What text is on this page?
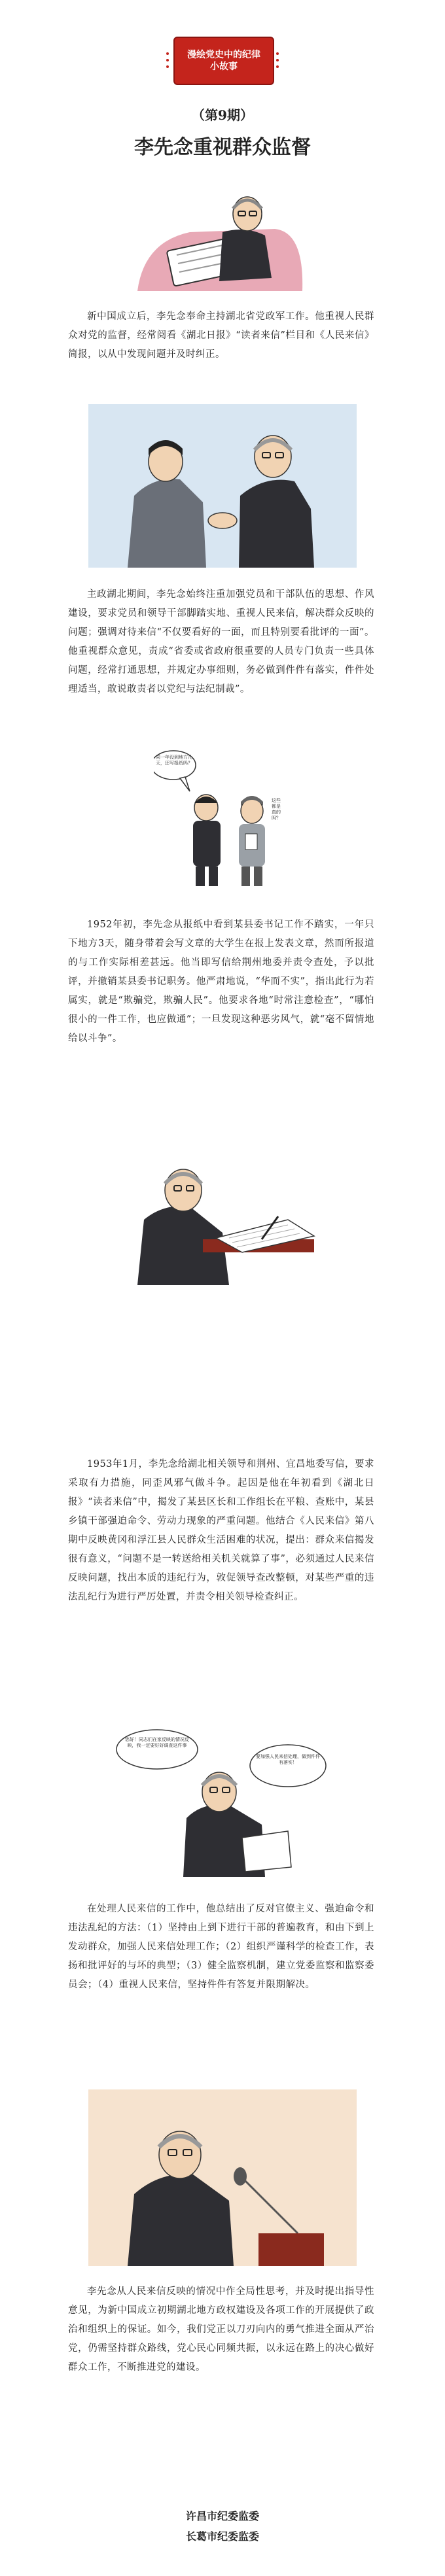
漫绘党史中的纪律小故事
（第9期）
李先念重视群众监督
新中国成立后，李先念奉命主持湖北省党政军工作。他重视人民群众对党的监督，经常阅看《湖北日报》“读者来信”栏目和《人民来信》简报，以从中发现问题并及时纠正。
主政湖北期间，李先念始终注重加强党员和干部队伍的思想、作风建设，要求党员和领导干部脚踏实地、重视人民来信，解决群众反映的问题；强调对待来信“不仅要看好的一面，而且特别要看批评的一面”。他重视群众意见，责成“省委或省政府很重要的人员专门负责一些具体问题，经常打通思想，并规定办事细则，务必做到件件有落实，件件处理适当，敢说敢责者以党纪与法纪制裁”。
同一年没到地方几天，还写报纸吗？
这些都是真的吗？
1952年初，李先念从报纸中看到某县委书记工作不踏实，一年只下地方3天，随身带着会写文章的大学生在报上发表文章，然而所报道的与工作实际相差甚远。他当即写信给荆州地委并责令查处，予以批评，并撤销某县委书记职务。他严肃地说，“华而不实”，指出此行为若属实，就是“欺骗党，欺骗人民”。他要求各地“时常注意检查”，“哪怕很小的一件工作，也应做通”；一旦发现这种恶劣风气，就“毫不留情地给以斗争”。
1953年1月，李先念给湖北相关领导和荆州、宜昌地委写信，要求采取有力措施，同歪风邪气做斗争。起因是他在年初看到《湖北日报》“读者来信”中，揭发了某县区长和工作组长在平粮、查账中，某县乡镇干部强迫命令、劳动力现象的严重问题。他结合《人民来信》第八期中反映黄冈和浮江县人民群众生活困难的状况，提出：群众来信揭发很有意义，“问题不是一转送给相关机关就算了事”，必须通过人民来信反映问题，找出本质的违纪行为，敦促领导查改整顿，对某些严重的违法乱纪行为进行严厉处置，并责令相关领导检查纠正。
您好！同志们在家反映的情况反映，我一定要好好调查这件事
要加强人民来信处理，做到件件有落实！
在处理人民来信的工作中，他总结出了反对官僚主义、强迫命令和违法乱纪的方法：（1）坚持由上到下进行干部的普遍教育，和由下到上发动群众，加强人民来信处理工作；（2）组织严谨科学的检查工作，表扬和批评好的与坏的典型；（3）健全监察机制，建立党委监察和监察委员会；（4）重视人民来信，坚持件件有答复并限期解决。
李先念从人民来信反映的情况中作全局性思考，并及时提出指导性意见，为新中国成立初期湖北地方政权建设及各项工作的开展提供了政治和组织上的保证。如今，我们党正以刀刃向内的勇气推进全面从严治党，仍需坚持群众路线，党心民心同频共振，以永远在路上的决心做好群众工作，不断推进党的建设。
许昌市纪委监委
长葛市纪委监委
